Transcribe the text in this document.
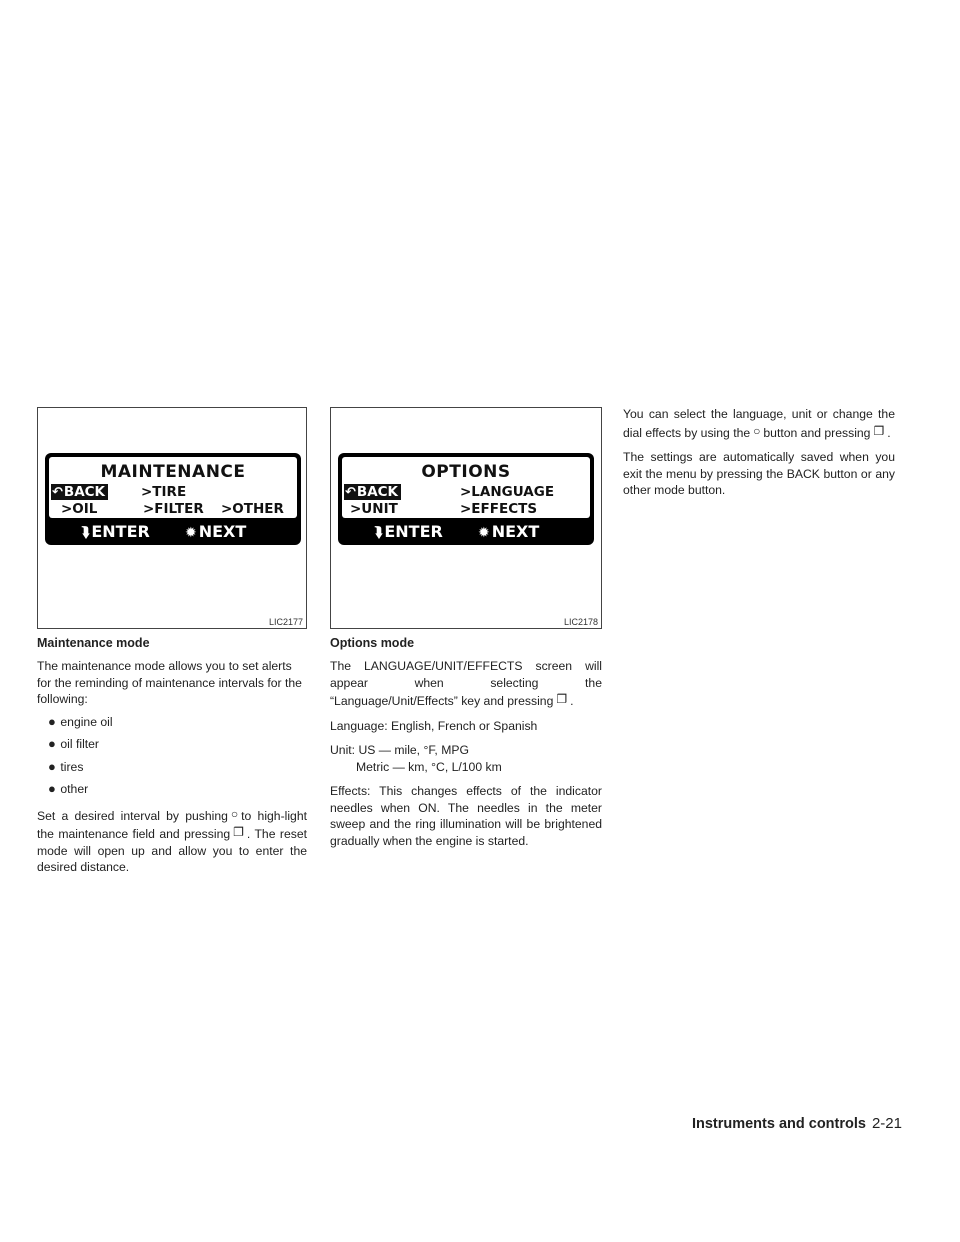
MAINTENANCE
↶BACK	>TIRE
>OIL	>FILTER >OTHER
⮯ ENTER	✹ NEXT
LIC2177
Maintenance mode

The maintenance mode allows you to set alerts for the reminding of maintenance intervals for the following:

● engine oil
● oil filter
● tires
● other

Set a desired interval by pushing ○ to high-light the maintenance field and pressing ❐ . The reset mode will open up and allow you to enter the desired distance.

OPTIONS
↶BACK	>LANGUAGE
>UNIT	>EFFECTS
⮯ ENTER	✹ NEXT
LIC2178
Options mode

The LANGUAGE/UNIT/EFFECTS screen will appear when selecting the “Language/Unit/Effects” key and pressing ❐ .

Language: English, French or Spanish

Unit: US — mile, °F, MPG

Metric — km, °C, L/100 km

Effects: This changes effects of the indicator needles when ON. The needles in the meter sweep and the ring illumination will be brightened gradually when the engine is started.

You can select the language, unit or change the dial effects by using the ○ button and pressing ❐ .

The settings are automatically saved when you exit the menu by pressing the BACK button or any other mode button.

Instruments and controls 2-21
